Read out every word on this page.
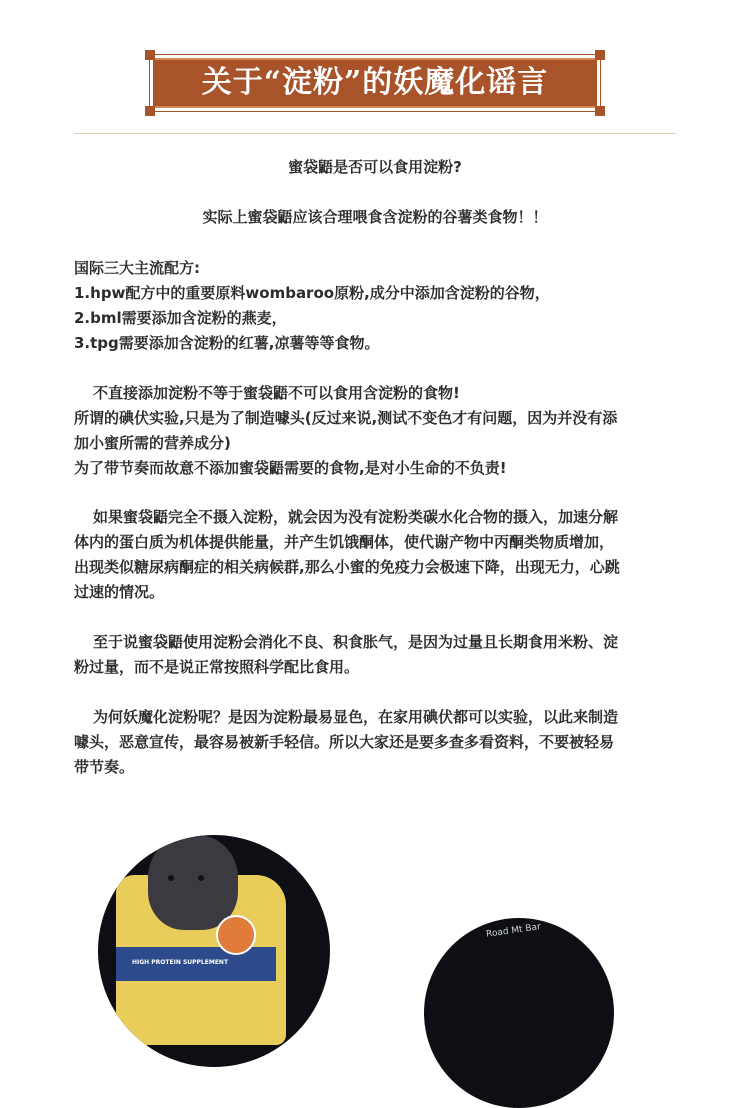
关于“淀粉”的妖魔化谣言
蜜袋鼯是否可以食用淀粉?
实际上蜜袋鼯应该合理喂食含淀粉的谷薯类食物！！
国际三大主流配方:
1.hpw配方中的重要原料wombaroo原粉,成分中添加含淀粉的谷物，
2.bml需要添加含淀粉的燕麦，
3.tpg需要添加含淀粉的红薯,凉薯等等食物。
不直接添加淀粉不等于蜜袋鼯不可以食用含淀粉的食物!
所谓的碘伏实验,只是为了制造噱头(反过来说,测试不变色才有问题，因为并没有添
加小蜜所需的营养成分)
为了带节奏而故意不添加蜜袋鼯需要的食物,是对小生命的不负责!
如果蜜袋鼯完全不摄入淀粉，就会因为没有淀粉类碳水化合物的摄入，加速分解
体内的蛋白质为机体提供能量，并产生饥饿酮体，使代谢产物中丙酮类物质增加，
出现类似糖尿病酮症的相关病候群,那么小蜜的免疫力会极速下降，出现无力，心跳
过速的情况。
至于说蜜袋鼯使用淀粉会消化不良、积食胀气，是因为过量且长期食用米粉、淀
粉过量，而不是说正常按照科学配比食用。
为何妖魔化淀粉呢？是因为淀粉最易显色，在家用碘伏都可以实验，以此来制造
噱头，恶意宣传，最容易被新手轻信。所以大家还是要多查多看资料，不要被轻易
带节奏。
HIGH PROTEIN SUPPLEMENT
Road Mt Bar
